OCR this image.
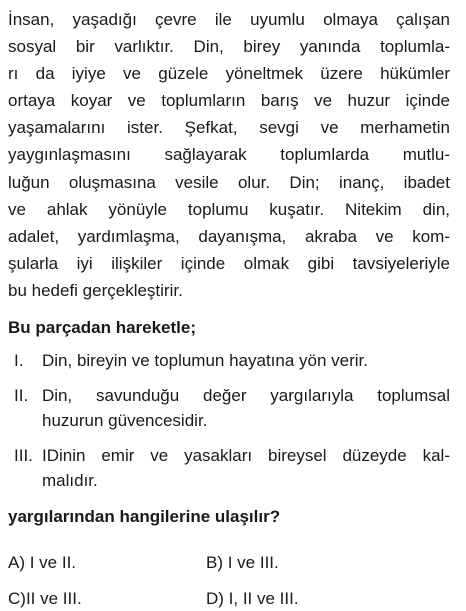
İnsan, yaşadığı çevre ile uyumlu olmaya çalışan
sosyal bir varlıktır. Din, birey yanında toplumla-
rı da iyiye ve güzele yöneltmek üzere hükümler
ortaya koyar ve toplumların barış ve huzur içinde
yaşamalarını ister. Şefkat, sevgi ve merhametin
yaygınlaşmasını sağlayarak toplumlarda mutlu-
luğun oluşmasına vesile olur. Din; inanç, ibadet
ve ahlak yönüyle toplumu kuşatır. Nitekim din,
adalet, yardımlaşma, dayanışma, akraba ve kom-
şularla iyi ilişkiler içinde olmak gibi tavsiyeleriyle
bu hedefi gerçekleştirir.

Bu parçadan hareketle;

I. Din, bireyin ve toplumun hayatına yön verir.
II. Din, savunduğu değer yargılarıyla toplumsal
huzurun güvencesidir.
III. IDinin emir ve yasakları bireysel düzeyde kal-
malıdır.

yargılarından hangilerine ulaşılır?

A) I ve II.	B) I ve III.
C)II ve III.	D) I, II ve III.
